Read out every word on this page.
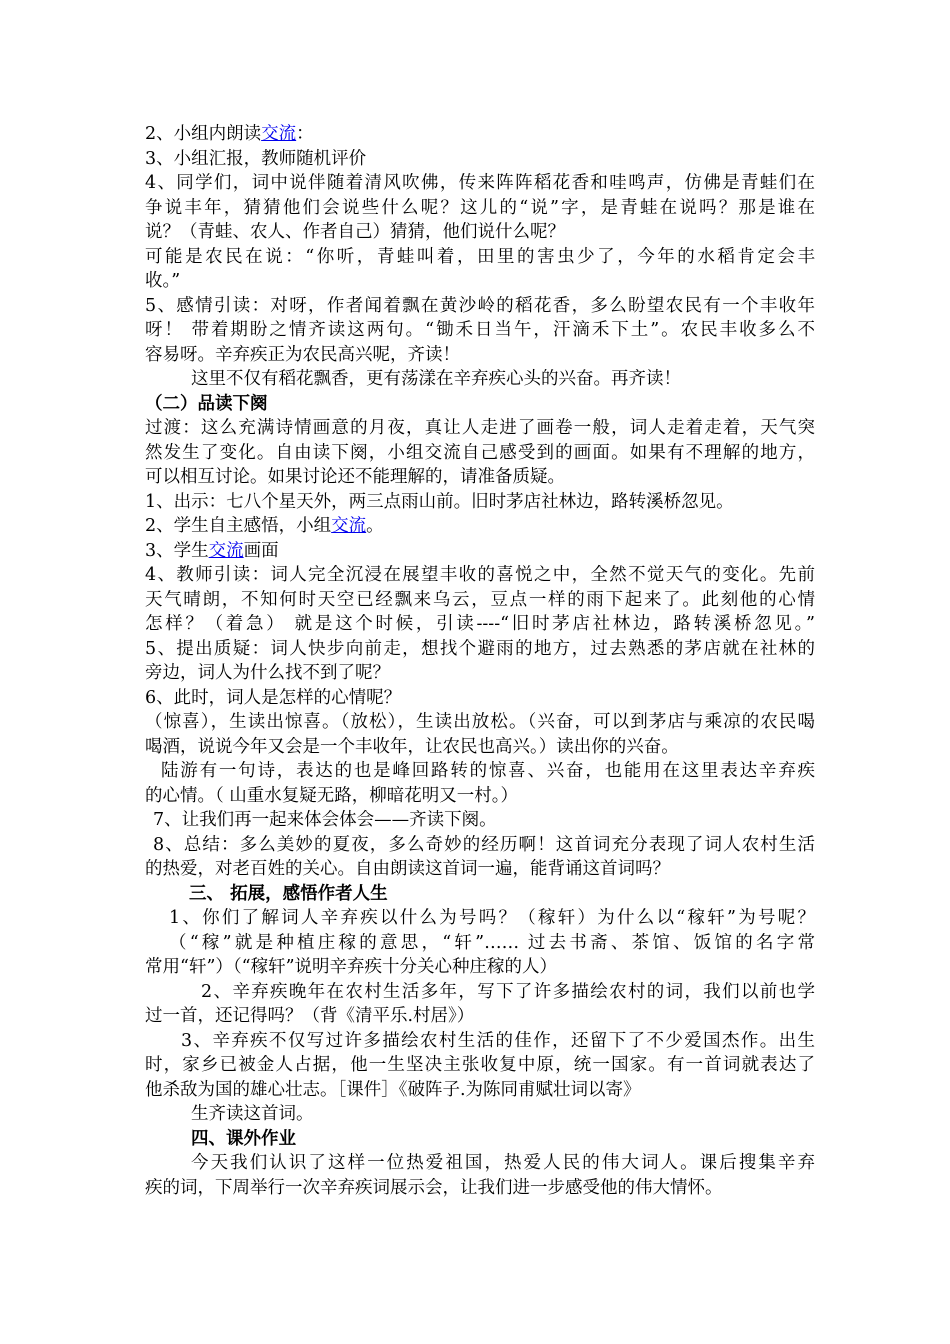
2、小组内朗读交流：
3、小组汇报，教师随机评价
4、同学们，词中说伴随着清风吹佛，传来阵阵稻花香和哇鸣声，仿佛是青蛙们在
争说丰年，猜猜他们会说些什么呢？这儿的“说”字，是青蛙在说吗？那是谁在
说？（青蛙、农人、作者自己）猜猜，他们说什么呢？
可能是农民在说：“你听，青蛙叫着，田里的害虫少了，今年的水稻肯定会丰
收。”
5、感情引读：对呀，作者闻着飘在黄沙岭的稻花香，多么盼望农民有一个丰收年
呀！ 带着期盼之情齐读这两句。“锄禾日当午，汗滴禾下土”。农民丰收多么不
容易呀。辛弃疾正为农民高兴呢，齐读！
这里不仅有稻花飘香，更有荡漾在辛弃疾心头的兴奋。再齐读！
（二）品读下阕
过渡：这么充满诗情画意的月夜，真让人走进了画卷一般，词人走着走着，天气突
然发生了变化。自由读下阕，小组交流自己感受到的画面。如果有不理解的地方，
可以相互讨论。如果讨论还不能理解的，请准备质疑。
1、出示：七八个星天外，两三点雨山前。旧时茅店社林边，路转溪桥忽见。
2、学生自主感悟，小组交流。
3、学生交流画面
4、教师引读：词人完全沉浸在展望丰收的喜悦之中，全然不觉天气的变化。先前
天气晴朗，不知何时天空已经飘来乌云，豆点一样的雨下起来了。此刻他的心情
怎样？（着急） 就是这个时候，引读----“旧时茅店社林边，路转溪桥忽见。”
5、提出质疑：词人快步向前走，想找个避雨的地方，过去熟悉的茅店就在社林的
旁边，词人为什么找不到了呢？
6、此时，词人是怎样的心情呢？
（惊喜），生读出惊喜。（放松），生读出放松。（兴奋，可以到茅店与乘凉的农民喝
喝酒，说说今年又会是一个丰收年，让农民也高兴。）读出你的兴奋。
陆游有一句诗，表达的也是峰回路转的惊喜、兴奋，也能用在这里表达辛弃疾
的心情。（ 山重水复疑无路，柳暗花明又一村。）
7、让我们再一起来体会体会——齐读下阕。
8、总结：多么美妙的夏夜，多么奇妙的经历啊！这首词充分表现了词人农村生活
的热爱，对老百姓的关心。自由朗读这首词一遍，能背诵这首词吗？
三、 拓展，感悟作者人生
1、你们了解词人辛弃疾以什么为号吗？（稼轩）为什么以“稼轩”为号呢？
（“稼”就是种植庄稼的意思，“轩”…… 过去书斋、茶馆、饭馆的名字常
常用“轩”）（“稼轩”说明辛弃疾十分关心种庄稼的人）
2、辛弃疾晚年在农村生活多年，写下了许多描绘农村的词，我们以前也学
过一首，还记得吗？（背《清平乐.村居》）
3、辛弃疾不仅写过许多描绘农村生活的佳作，还留下了不少爱国杰作。出生
时，家乡已被金人占据，他一生坚决主张收复中原，统一国家。有一首词就表达了
他杀敌为国的雄心壮志。［课件］《破阵子.为陈同甫赋壮词以寄》
生齐读这首词。
四、课外作业
今天我们认识了这样一位热爱祖国，热爱人民的伟大词人。课后搜集辛弃
疾的词，下周举行一次辛弃疾词展示会，让我们进一步感受他的伟大情怀。
